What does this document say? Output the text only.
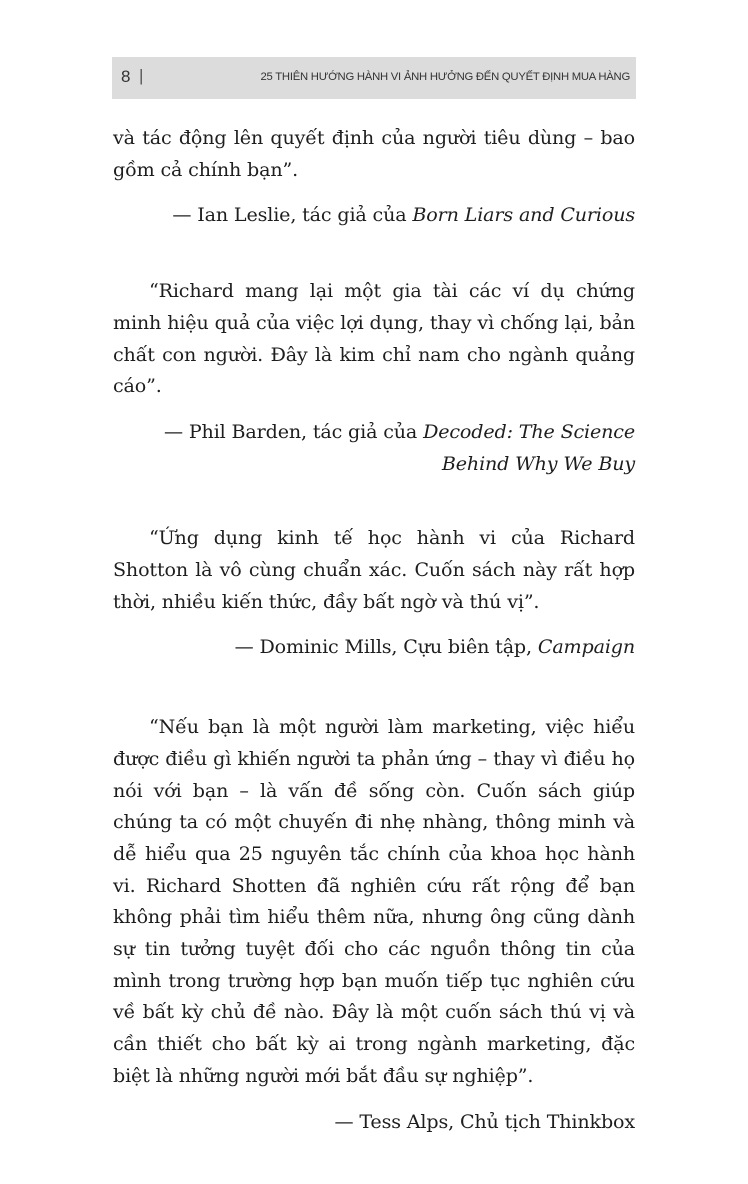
8 |	25 THIÊN HƯỚNG HÀNH VI ẢNH HƯỞNG ĐẾN QUYẾT ĐỊNH MUA HÀNG

và tác động lên quyết định của người tiêu dùng – bao gồm cả chính bạn”.

— Ian Leslie, tác giả của Born Liars and Curious

“Richard mang lại một gia tài các ví dụ chứng minh hiệu quả của việc lợi dụng, thay vì chống lại, bản chất con người. Đây là kim chỉ nam cho ngành quảng cáo”.

— Phil Barden, tác giả của Decoded: The Science
Behind Why We Buy

“Ứng dụng kinh tế học hành vi của Richard Shotton là vô cùng chuẩn xác. Cuốn sách này rất hợp thời, nhiều kiến thức, đầy bất ngờ và thú vị”.

— Dominic Mills, Cựu biên tập, Campaign

“Nếu bạn là một người làm marketing, việc hiểu được điều gì khiến người ta phản ứng – thay vì điều họ nói với bạn – là vấn đề sống còn. Cuốn sách giúp chúng ta có một chuyến đi nhẹ nhàng, thông minh và dễ hiểu qua 25 nguyên tắc chính của khoa học hành vi. Richard Shotten đã nghiên cứu rất rộng để bạn không phải tìm hiểu thêm nữa, nhưng ông cũng dành sự tin tưởng tuyệt đối cho các nguồn thông tin của mình trong trường hợp bạn muốn tiếp tục nghiên cứu về bất kỳ chủ đề nào. Đây là một cuốn sách thú vị và cần thiết cho bất kỳ ai trong ngành marketing, đặc biệt là những người mới bắt đầu sự nghiệp”.

— Tess Alps, Chủ tịch Thinkbox
